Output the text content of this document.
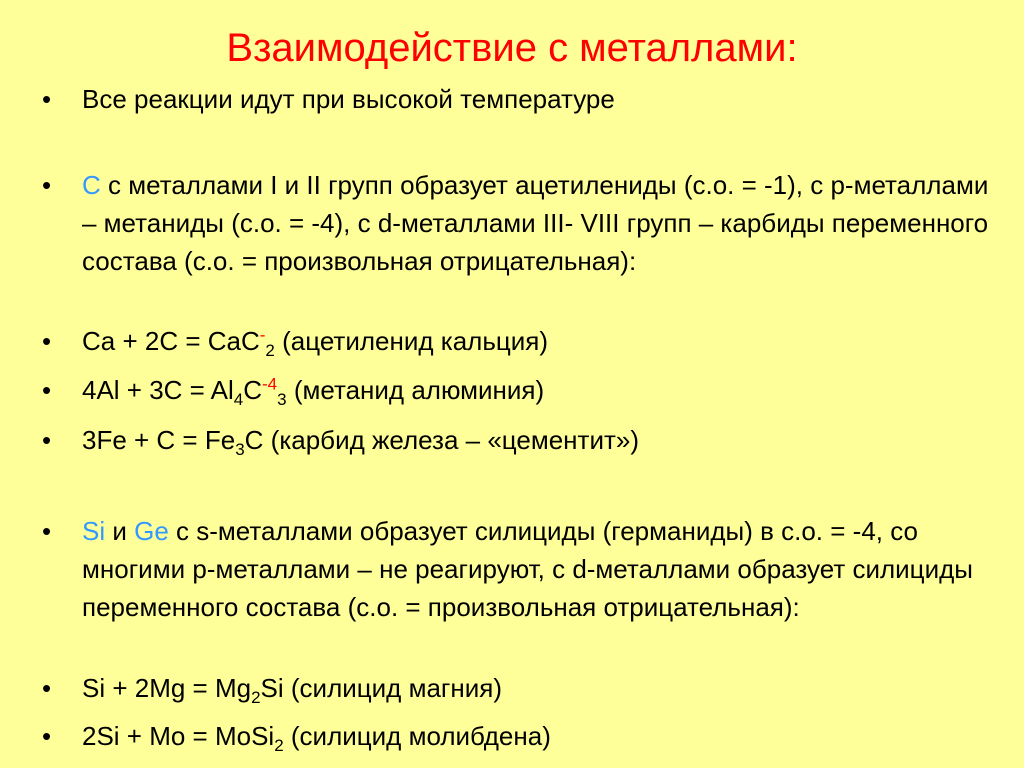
Взаимодействие с металлами:
• Все реакции идут при высокой температуре
• C с металлами I и II групп образует ацетилениды (с.о. = -1), с p-металлами – метаниды (с.о. = -4), с d-металлами III- VIII групп – карбиды переменного состава (с.о. = произвольная отрицательная):
• Ca + 2C = CaC-$_2$ (ацетиленид кальция)
• $4Al + 3C = Al_4C^{-4}_3$ (метанид алюминия)
• $3Fe + C = Fe_3C$ (карбид железа – «цементит»)
• Si и Ge с s-металлами образует силициды (германиды) в с.о. = -4, со многими p-металлами – не реагируют, с d-металлами образует силициды переменного состава (с.о. = произвольная отрицательная):
• $Si + 2Mg = Mg_2Si$ (силицид магния)
• 2Si + Mo = MoSi$_2$ (силицид молибдена)
